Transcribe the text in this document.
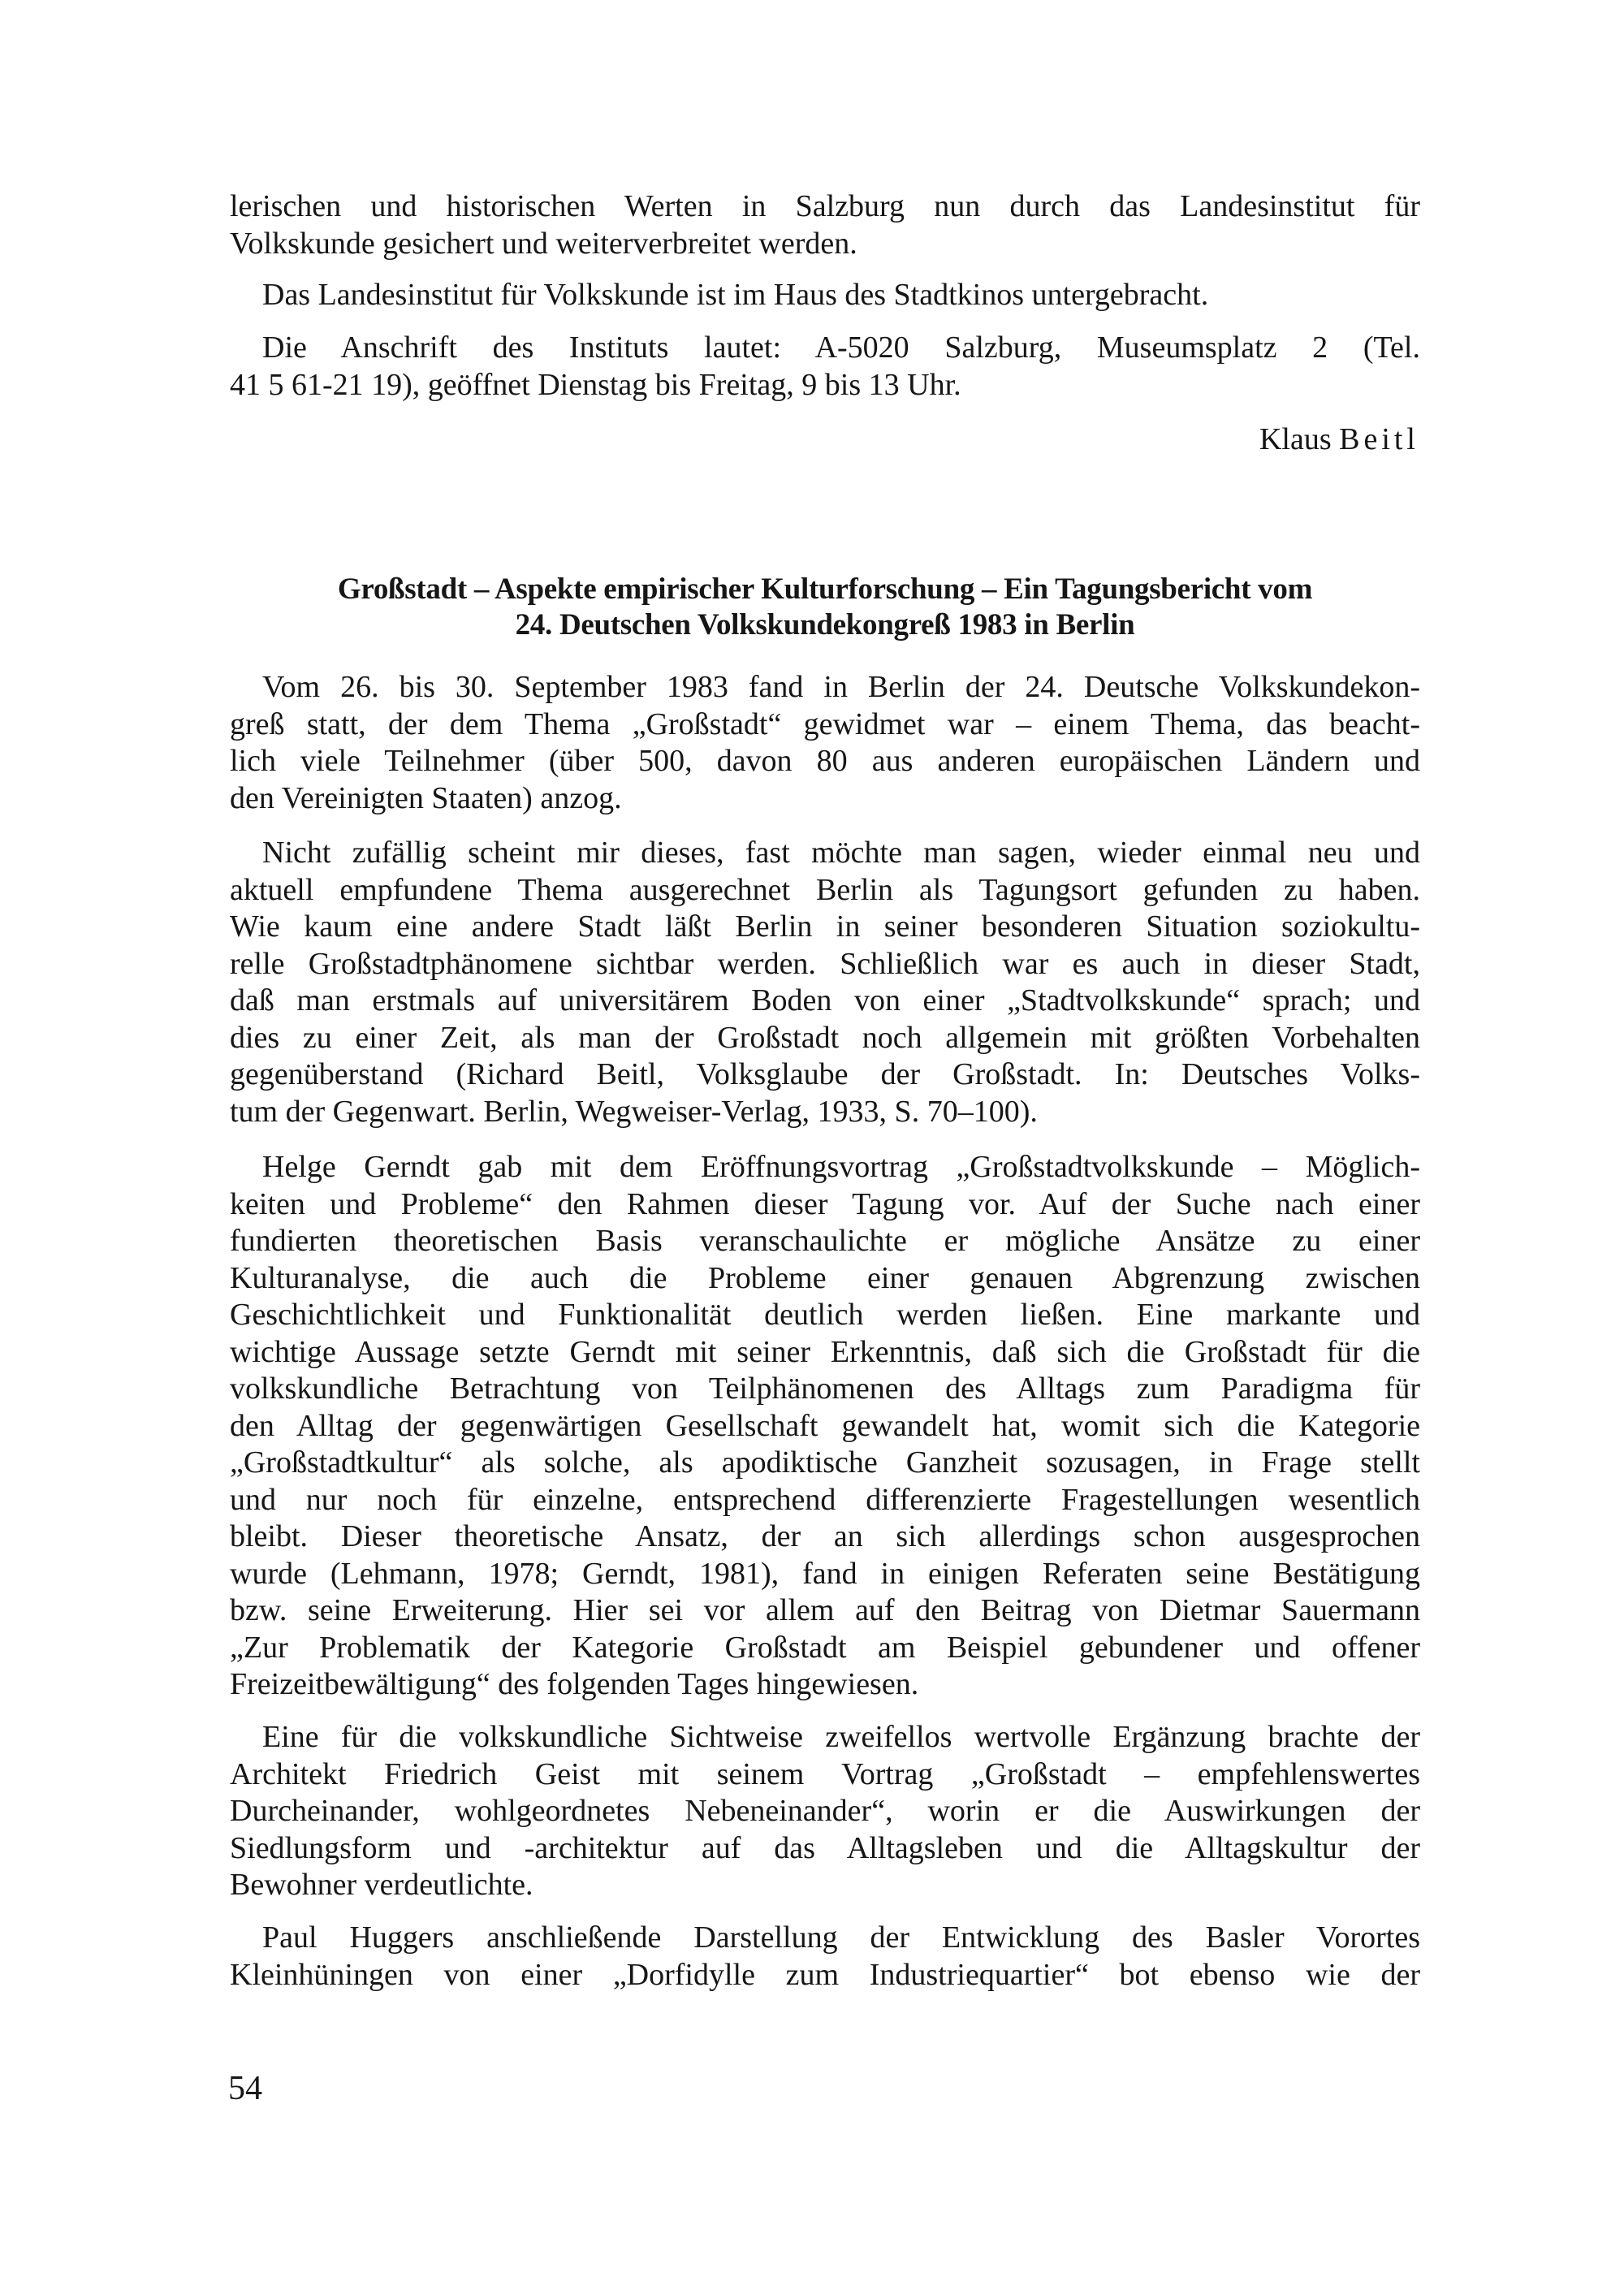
lerischen und historischen Werten in Salzburg nun durch das Landesinstitut für
Volkskunde gesichert und weiterverbreitet werden.
Das Landesinstitut für Volkskunde ist im Haus des Stadtkinos untergebracht.
Die Anschrift des Instituts lautet: A-5020 Salzburg, Museumsplatz 2 (Tel.
41 5 61-21 19), geöffnet Dienstag bis Freitag, 9 bis 13 Uhr.
Klaus Beitl
Großstadt – Aspekte empirischer Kulturforschung – Ein Tagungsbericht vom
24. Deutschen Volkskundekongreß 1983 in Berlin
Vom 26. bis 30. September 1983 fand in Berlin der 24. Deutsche Volkskundekon-
greß statt, der dem Thema „Großstadt“ gewidmet war – einem Thema, das beacht-
lich viele Teilnehmer (über 500, davon 80 aus anderen europäischen Ländern und
den Vereinigten Staaten) anzog.
Nicht zufällig scheint mir dieses, fast möchte man sagen, wieder einmal neu und
aktuell empfundene Thema ausgerechnet Berlin als Tagungsort gefunden zu haben.
Wie kaum eine andere Stadt läßt Berlin in seiner besonderen Situation soziokultu-
relle Großstadtphänomene sichtbar werden. Schließlich war es auch in dieser Stadt,
daß man erstmals auf universitärem Boden von einer „Stadtvolkskunde“ sprach; und
dies zu einer Zeit, als man der Großstadt noch allgemein mit größten Vorbehalten
gegenüberstand (Richard Beitl, Volksglaube der Großstadt. In: Deutsches Volks-
tum der Gegenwart. Berlin, Wegweiser-Verlag, 1933, S. 70–100).
Helge Gerndt gab mit dem Eröffnungsvortrag „Großstadtvolkskunde – Möglich-
keiten und Probleme“ den Rahmen dieser Tagung vor. Auf der Suche nach einer
fundierten theoretischen Basis veranschaulichte er mögliche Ansätze zu einer
Kulturanalyse, die auch die Probleme einer genauen Abgrenzung zwischen
Geschichtlichkeit und Funktionalität deutlich werden ließen. Eine markante und
wichtige Aussage setzte Gerndt mit seiner Erkenntnis, daß sich die Großstadt für die
volkskundliche Betrachtung von Teilphänomenen des Alltags zum Paradigma für
den Alltag der gegenwärtigen Gesellschaft gewandelt hat, womit sich die Kategorie
„Großstadtkultur“ als solche, als apodiktische Ganzheit sozusagen, in Frage stellt
und nur noch für einzelne, entsprechend differenzierte Fragestellungen wesentlich
bleibt. Dieser theoretische Ansatz, der an sich allerdings schon ausgesprochen
wurde (Lehmann, 1978; Gerndt, 1981), fand in einigen Referaten seine Bestätigung
bzw. seine Erweiterung. Hier sei vor allem auf den Beitrag von Dietmar Sauermann
„Zur Problematik der Kategorie Großstadt am Beispiel gebundener und offener
Freizeitbewältigung“ des folgenden Tages hingewiesen.
Eine für die volkskundliche Sichtweise zweifellos wertvolle Ergänzung brachte der
Architekt Friedrich Geist mit seinem Vortrag „Großstadt – empfehlenswertes
Durcheinander, wohlgeordnetes Nebeneinander“, worin er die Auswirkungen der
Siedlungsform und -architektur auf das Alltagsleben und die Alltagskultur der
Bewohner verdeutlichte.
Paul Huggers anschließende Darstellung der Entwicklung des Basler Vorortes
Kleinhüningen von einer „Dorfidylle zum Industriequartier“ bot ebenso wie der
54
